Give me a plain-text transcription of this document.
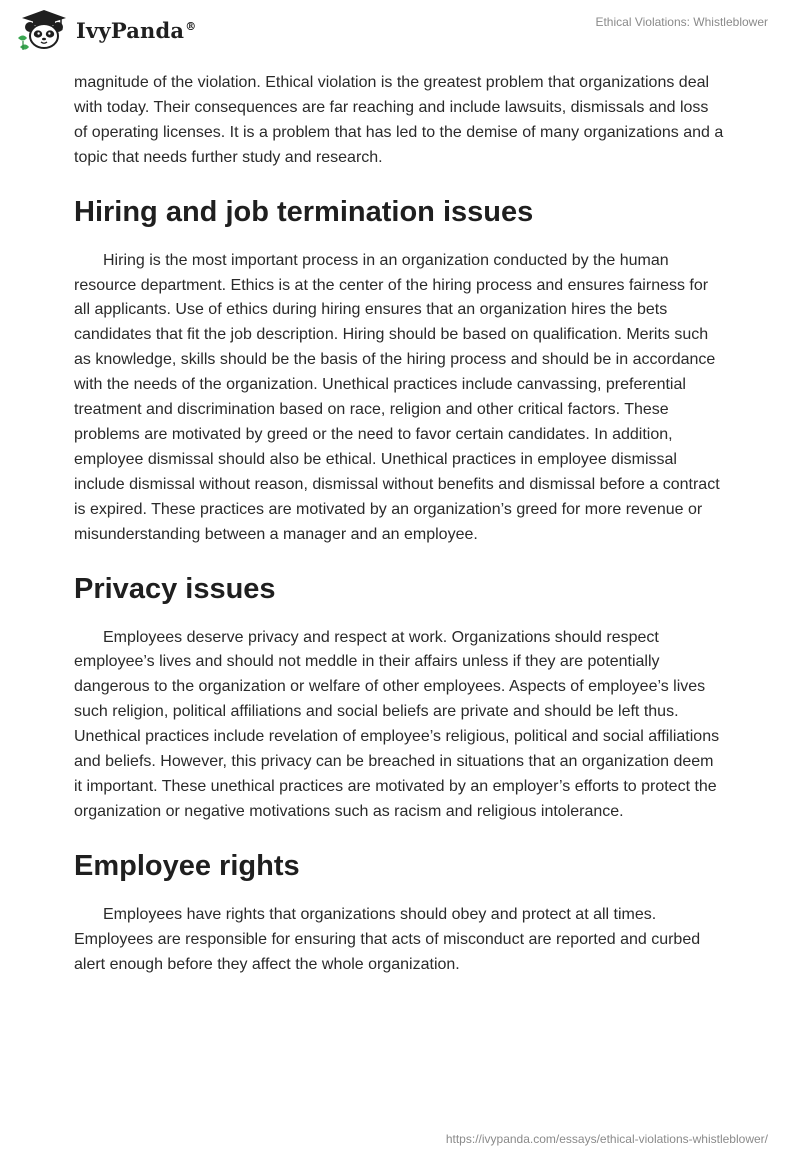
IvyPanda®	Ethical Violations: Whistleblower

magnitude of the violation. Ethical violation is the greatest problem that organizations deal with today. Their consequences are far reaching and include lawsuits, dismissals and loss of operating licenses. It is a problem that has led to the demise of many organizations and a topic that needs further study and research.

Hiring and job termination issues

Hiring is the most important process in an organization conducted by the human resource department. Ethics is at the center of the hiring process and ensures fairness for all applicants. Use of ethics during hiring ensures that an organization hires the bets candidates that fit the job description. Hiring should be based on qualification. Merits such as knowledge, skills should be the basis of the hiring process and should be in accordance with the needs of the organization. Unethical practices include canvassing, preferential treatment and discrimination based on race, religion and other critical factors. These problems are motivated by greed or the need to favor certain candidates. In addition, employee dismissal should also be ethical. Unethical practices in employee dismissal include dismissal without reason, dismissal without benefits and dismissal before a contract is expired. These practices are motivated by an organization’s greed for more revenue or misunderstanding between a manager and an employee.

Privacy issues

Employees deserve privacy and respect at work. Organizations should respect employee’s lives and should not meddle in their affairs unless if they are potentially dangerous to the organization or welfare of other employees. Aspects of employee’s lives such religion, political affiliations and social beliefs are private and should be left thus. Unethical practices include revelation of employee’s religious, political and social affiliations and beliefs. However, this privacy can be breached in situations that an organization deem it important. These unethical practices are motivated by an employer’s efforts to protect the organization or negative motivations such as racism and religious intolerance.

Employee rights

Employees have rights that organizations should obey and protect at all times. Employees are responsible for ensuring that acts of misconduct are reported and curbed alert enough before they affect the whole organization.

https://ivypanda.com/essays/ethical-violations-whistleblower/
